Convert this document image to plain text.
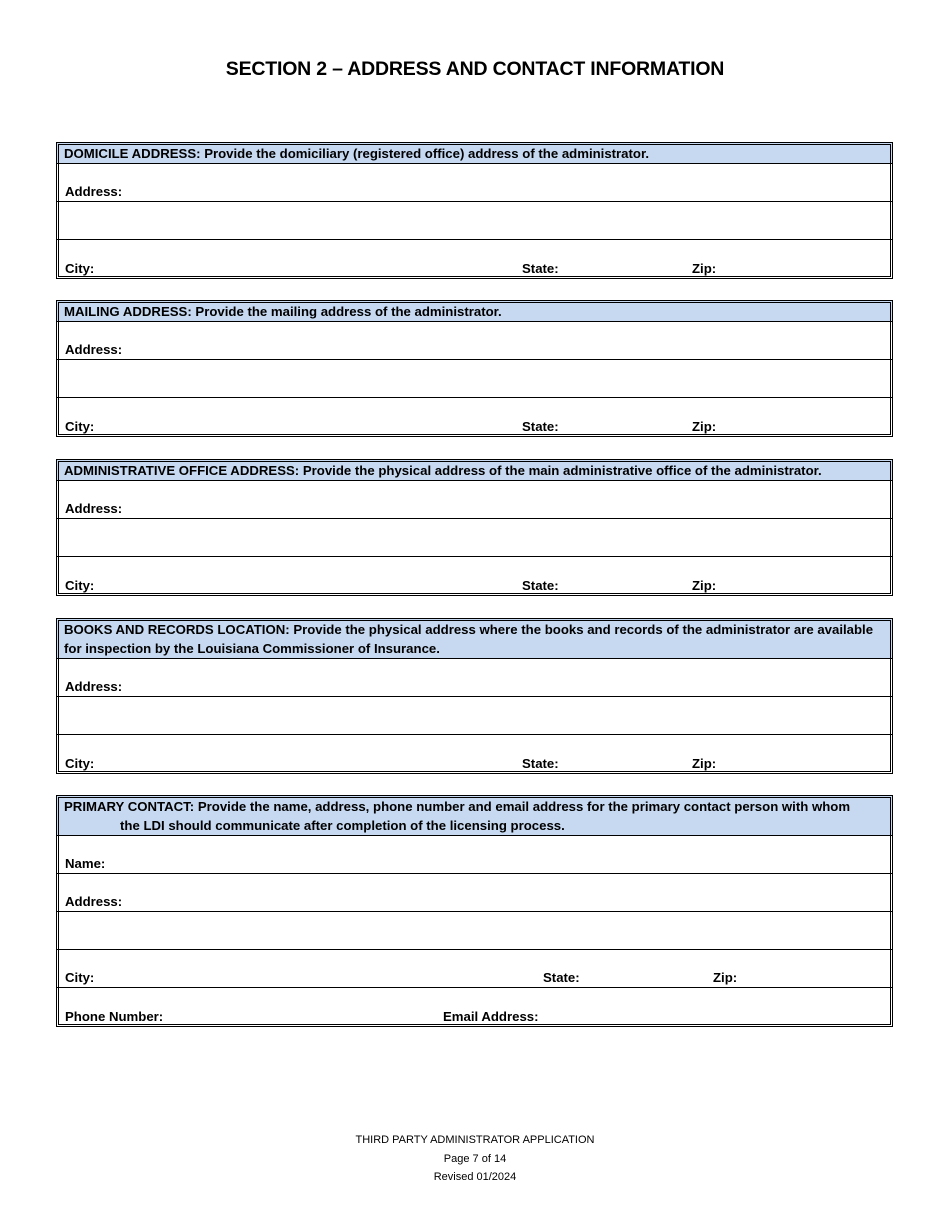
SECTION 2 – ADDRESS AND CONTACT INFORMATION
DOMICILE ADDRESS: Provide the domiciliary (registered office) address of the administrator.
Address:
City:	State:	Zip:
MAILING ADDRESS: Provide the mailing address of the administrator.
Address:
City:	State:	Zip:
ADMINISTRATIVE OFFICE ADDRESS: Provide the physical address of the main administrative office of the administrator.
Address:
City:	State:	Zip:
BOOKS AND RECORDS LOCATION: Provide the physical address where the books and records of the administrator are available
for inspection by the Louisiana Commissioner of Insurance.
Address:
City:	State:	Zip:
PRIMARY CONTACT: Provide the name, address, phone number and email address for the primary contact person with whom
the LDI should communicate after completion of the licensing process.
Name:
Address:
City:	State:	Zip:
Phone Number:	Email Address:
THIRD PARTY ADMINISTRATOR APPLICATION
Page 7 of 14
Revised 01/2024
